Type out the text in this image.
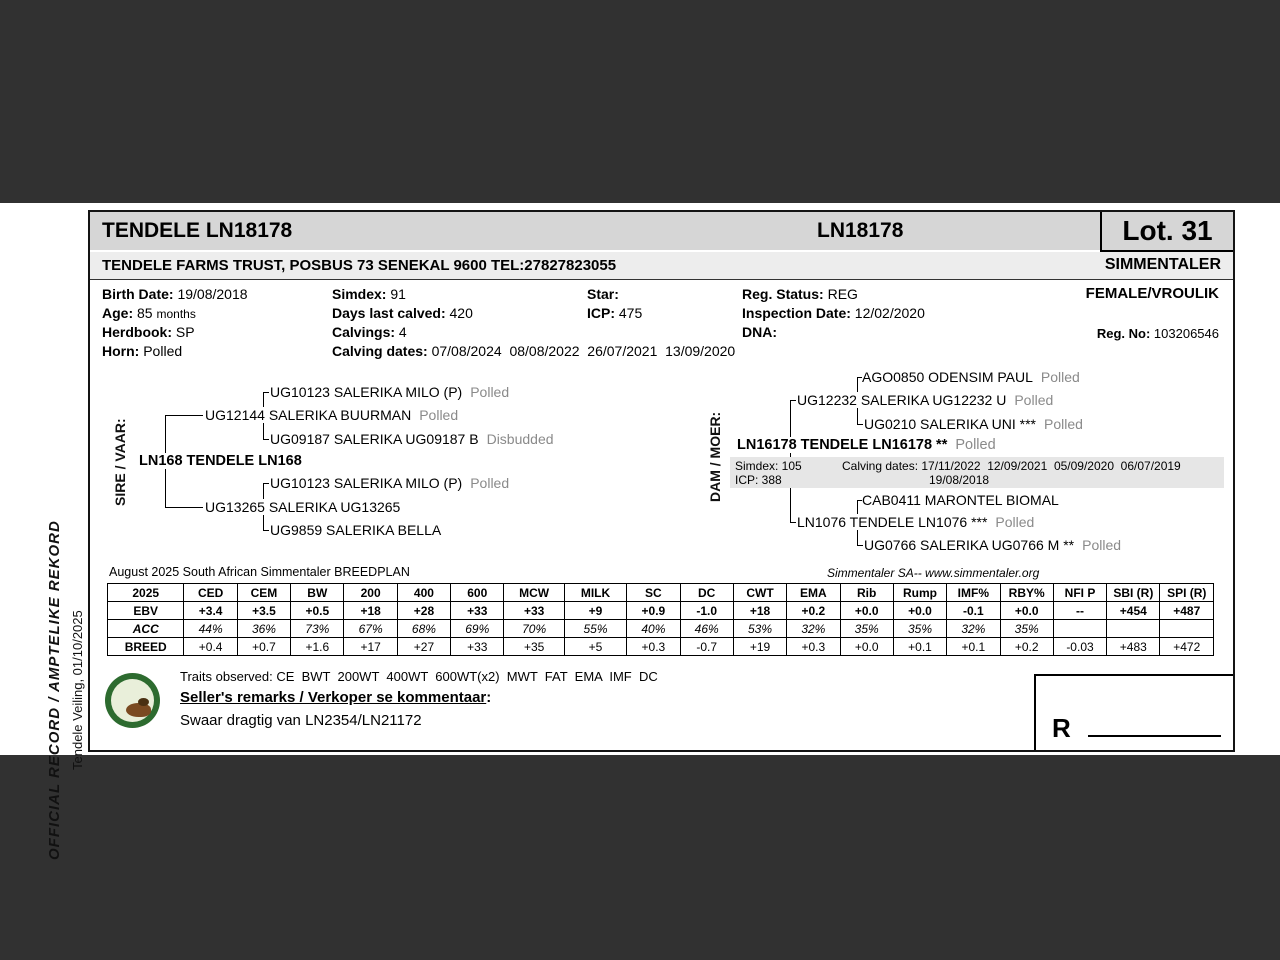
OFFICIAL RECORD / AMPTELIKE REKORD Tendele Veiling, 01/10/2025
TENDELE LN18178	LN18178	Lot. 31
TENDELE FARMS TRUST, POSBUS 73 SENEKAL 9600 TEL:27827823055	SIMMENTALER
Birth Date: 19/08/2018	Simdex: 91	Star:	Reg. Status: REG	FEMALE/VROULIK
Age: 85 months	Days last calved: 420	ICP: 475	Inspection Date: 12/02/2020
Herdbook: SP	Calvings: 4	DNA:	Reg. No: 103206546
Horn: Polled	Calving dates: 07/08/2024  08/08/2022  26/07/2021  13/09/2020
SIRE / VAAR: LN168 TENDELE LN168
UG12144 SALERIKA BUURMAN Polled
UG10123 SALERIKA MILO (P) Polled
UG09187 SALERIKA UG09187 B Disbudded
UG13265 SALERIKA UG13265
UG10123 SALERIKA MILO (P) Polled
UG9859 SALERIKA BELLA
DAM / MOER:
AGO0850 ODENSIM PAUL Polled
UG12232 SALERIKA UG12232 U Polled
UG0210 SALERIKA UNI *** Polled
LN16178 TENDELE LN16178 ** Polled
Simdex: 105	Calving dates: 17/11/2022  12/09/2021  05/09/2020  06/07/2019
ICP: 388	19/08/2018
CAB0411 MARONTEL BIOMAL
LN1076 TENDELE LN1076 *** Polled
UG0766 SALERIKA UG0766 M ** Polled
August 2025 South African Simmentaler BREEDPLAN	Simmentaler SA-- www.simmentaler.org
2025	CED	CEM	BW	200	400	600	MCW	MILK	SC	DC	CWT	EMA	Rib	Rump	IMF%	RBY%	NFI P	SBI (R)	SPI (R)
EBV	+3.4	+3.5	+0.5	+18	+28	+33	+33	+9	+0.9	-1.0	+18	+0.2	+0.0	+0.0	-0.1	+0.0	--	+454	+487
ACC	44%	36%	73%	67%	68%	69%	70%	55%	40%	46%	53%	32%	35%	35%	32%	35%			
BREED	+0.4	+0.7	+1.6	+17	+27	+33	+35	+5	+0.3	-0.7	+19	+0.3	+0.0	+0.1	+0.1	+0.2	-0.03	+483	+472
Traits observed: CE  BWT  200WT  400WT  600WT(x2)  MWT  FAT  EMA  IMF  DC
Seller's remarks / Verkoper se kommentaar:
Swaar dragtig van LN2354/LN21172	R
